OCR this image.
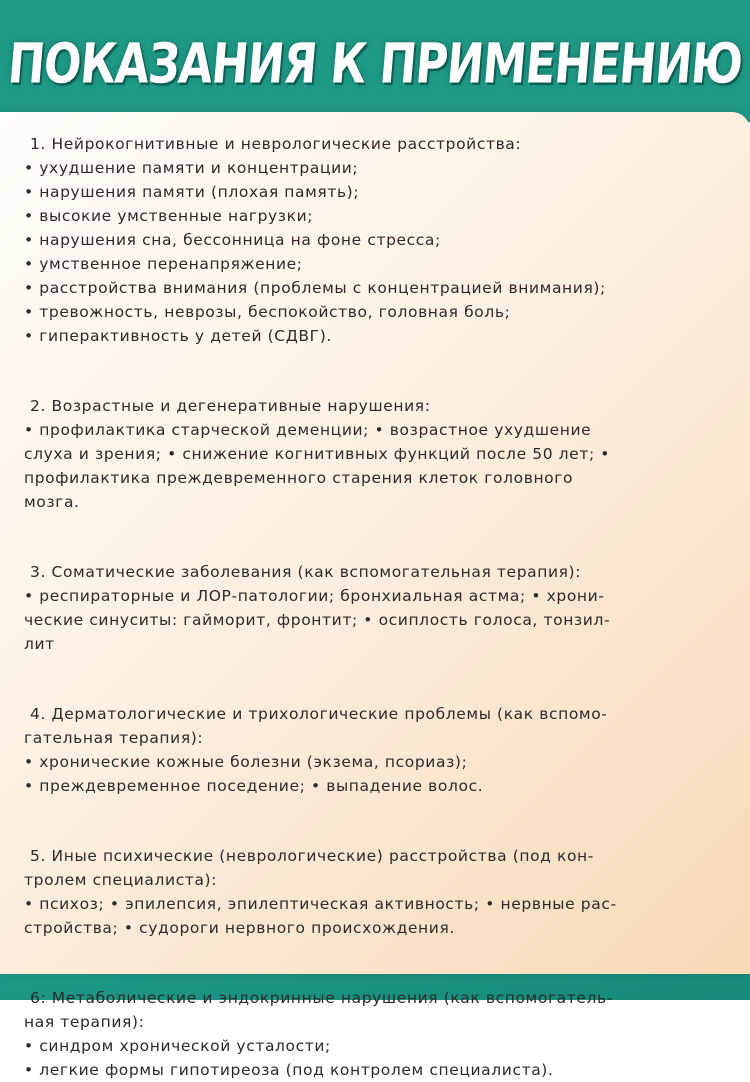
ПОКАЗАНИЯ К ПРИМЕНЕНИЮ
1. Нейрокогнитивные и неврологические расстройства:
• ухудшение памяти и концентрации;
• нарушения памяти (плохая память);
• высокие умственные нагрузки;
• нарушения сна, бессонница на фоне стресса;
• умственное перенапряжение;
• расстройства внимания (проблемы с концентрацией внимания);
• тревожность, неврозы, беспокойство, головная боль;
• гиперактивность у детей (СДВГ).
2. Возрастные и дегенеративные нарушения:
• профилактика старческой деменции; • возрастное ухудшение
слуха и зрения; • снижение когнитивных функций после 50 лет; •
профилактика преждевременного старения клеток головного
мозга.
3. Соматические заболевания (как вспомогательная терапия):
• респираторные и ЛОР-патологии; бронхиальная астма; • хрони-
ческие синуситы: гайморит, фронтит; • осиплость голоса, тонзил-
лит
4. Дерматологические и трихологические проблемы (как вспомо-
гательная терапия):
• хронические кожные болезни (экзема, псориаз);
• преждевременное поседение; • выпадение волос.
5. Иные психические (неврологические) расстройства (под кон-
тролем специалиста):
• психоз; • эпилепсия, эпилептическая активность; • нервные рас-
стройства; • судороги нервного происхождения.
6: Метаболические и эндокринные нарушения (как вспомогатель-
ная терапия):
• синдром хронической усталости;
• легкие формы гипотиреоза (под контролем специалиста).
